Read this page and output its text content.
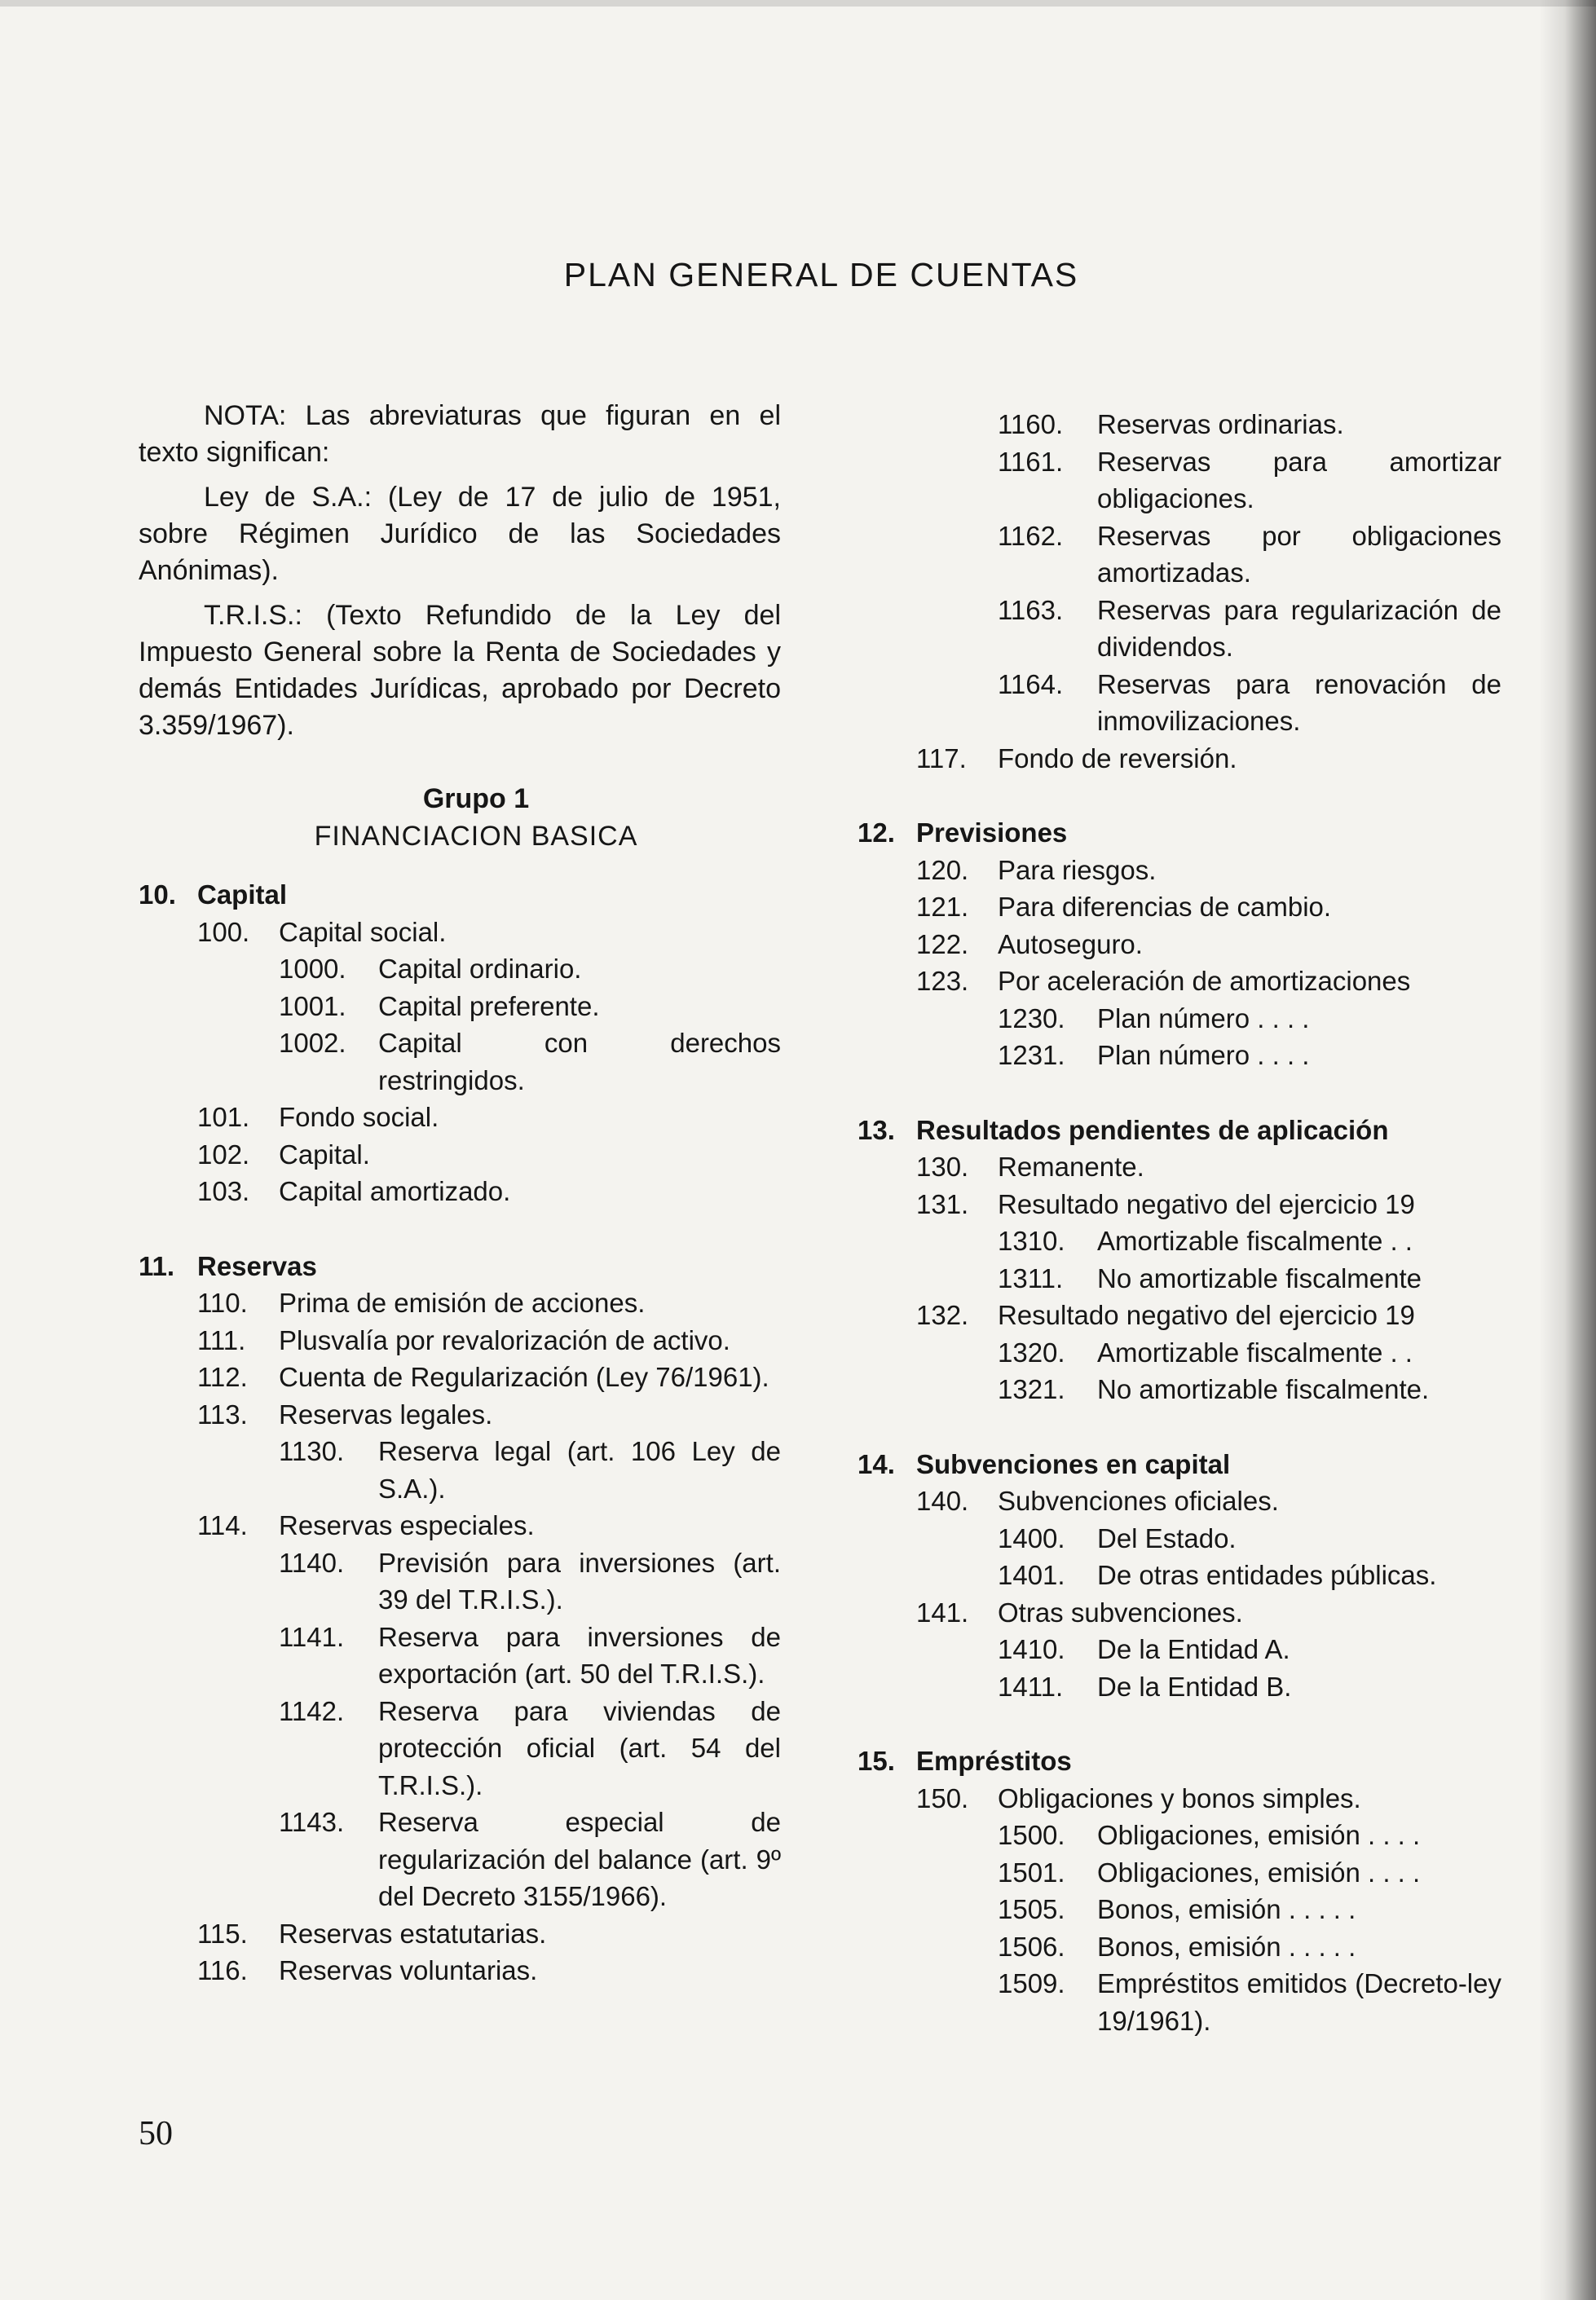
PLAN GENERAL DE CUENTAS

NOTA: Las abreviaturas que figuran en el texto significan:

Ley de S.A.: (Ley de 17 de julio de 1951, sobre Régimen Jurídico de las Sociedades Anónimas).

T.R.I.S.: (Texto Refundido de la Ley del Impuesto General sobre la Renta de Sociedades y demás Entidades Jurídicas, aprobado por Decreto 3.359/1967).

Grupo 1
FINANCIACION BASICA
10. Capital
100. Capital social.
1000. Capital ordinario.
1001. Capital preferente.
1002. Capital con derechos restringidos.
101. Fondo social.
102. Capital.
103. Capital amortizado.
11. Reservas
110. Prima de emisión de acciones.
111. Plusvalía por revalorización de activo.
112. Cuenta de Regularización (Ley 76/1961).
113. Reservas legales.
1130. Reserva legal (art. 106 Ley de S.A.).
114. Reservas especiales.
1140. Previsión para inversiones (art. 39 del T.R.I.S.).
1141. Reserva para inversiones de exportación (art. 50 del T.R.I.S.).
1142. Reserva para viviendas de protección oficial (art. 54 del T.R.I.S.).
1143. Reserva especial de regularización del balance (art. 9º del Decreto 3155/1966).
115. Reservas estatutarias.
116. Reservas voluntarias.
1160. Reservas ordinarias.
1161. Reservas para amortizar obligaciones.
1162. Reservas por obligaciones amortizadas.
1163. Reservas para regularización de dividendos.
1164. Reservas para renovación de inmovilizaciones.
117. Fondo de reversión.
12. Previsiones
120. Para riesgos.
121. Para diferencias de cambio.
122. Autoseguro.
123. Por aceleración de amortizaciones
1230. Plan número . . . .
1231. Plan número . . . .
13. Resultados pendientes de aplicación
130. Remanente.
131. Resultado negativo del ejercicio 19
1310. Amortizable fiscalmente . .
1311. No amortizable fiscalmente
132. Resultado negativo del ejercicio 19
1320. Amortizable fiscalmente . .
1321. No amortizable fiscalmente.
14. Subvenciones en capital
140. Subvenciones oficiales.
1400. Del Estado.
1401. De otras entidades públicas.
141. Otras subvenciones.
1410. De la Entidad A.
1411. De la Entidad B.
15. Empréstitos
150. Obligaciones y bonos simples.
1500. Obligaciones, emisión . . . .
1501. Obligaciones, emisión . . . .
1505. Bonos, emisión . . . . .
1506. Bonos, emisión . . . . .
1509. Empréstitos emitidos (Decreto-ley 19/1961).
50
